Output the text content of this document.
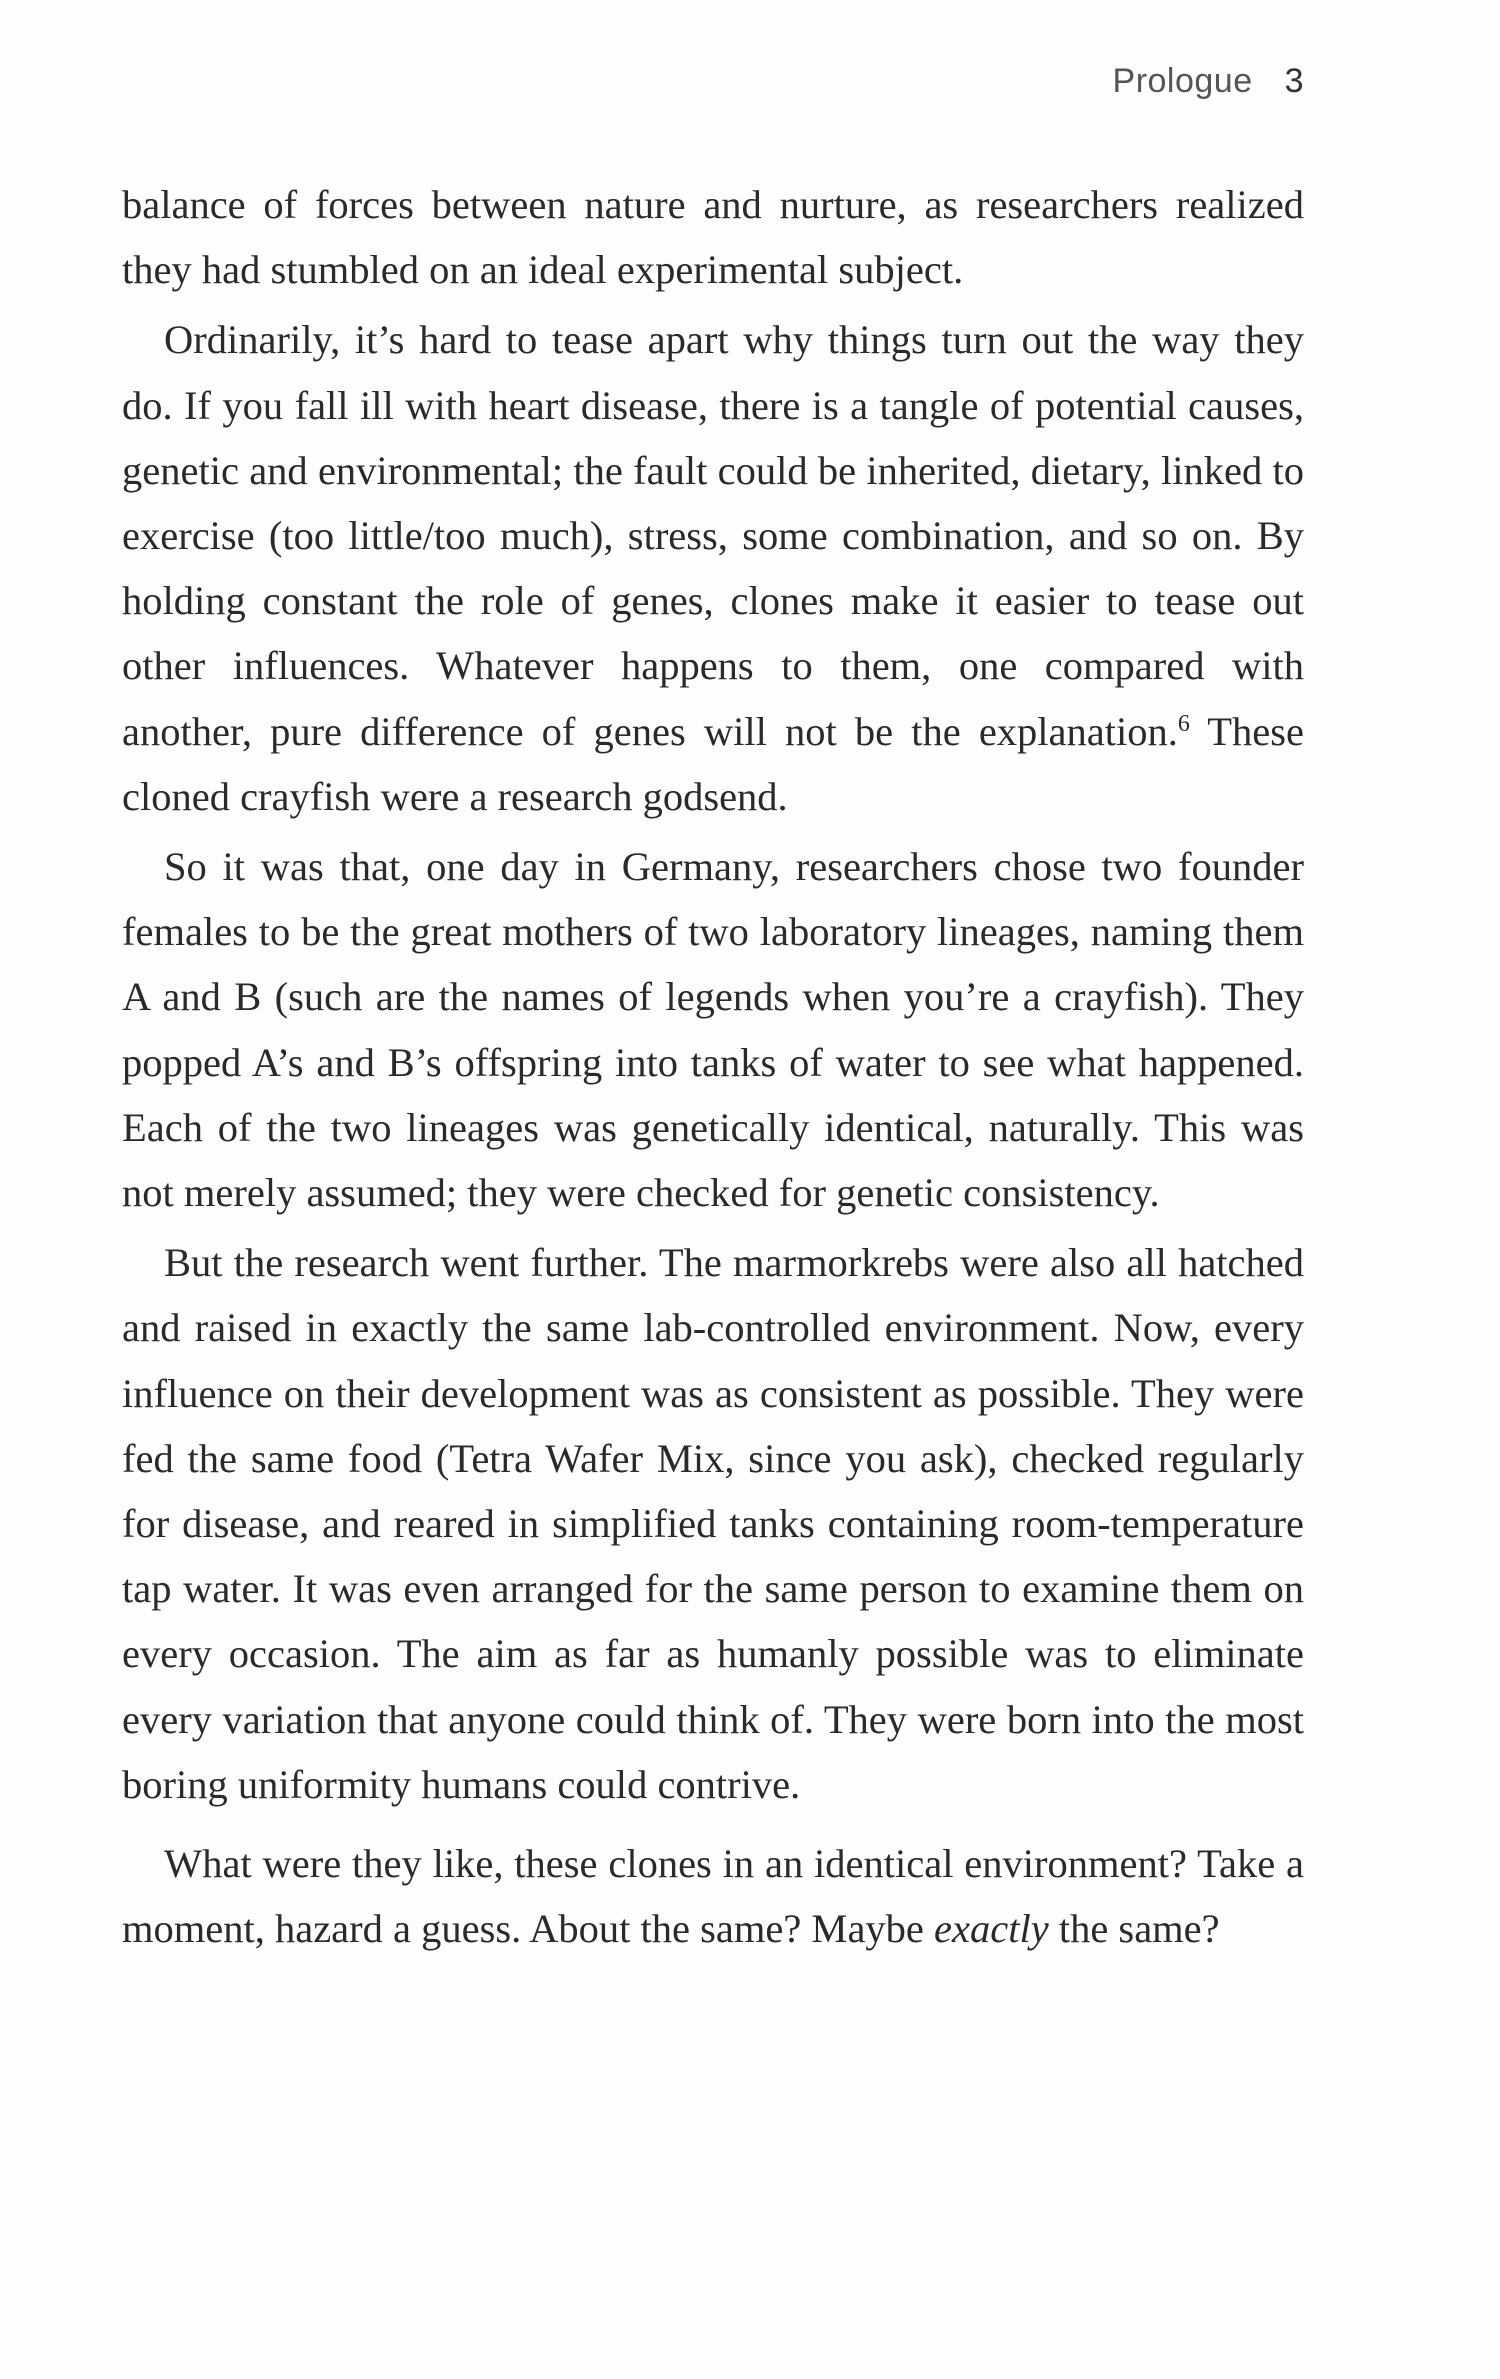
Prologue 3

balance of forces between nature and nurture, as researchers realized they had stumbled on an ideal experimental subject.

Ordinarily, it’s hard to tease apart why things turn out the way they do. If you fall ill with heart disease, there is a tangle of potential causes, genetic and environmental; the fault could be inherited, dietary, linked to exercise (too little/too much), stress, some combination, and so on. By holding constant the role of genes, clones make it easier to tease out other influences. Whatever happens to them, one compared with another, pure difference of genes will not be the explanation.$^6$ These cloned crayfish were a research godsend.

So it was that, one day in Germany, researchers chose two founder females to be the great mothers of two laboratory lineages, naming them A and B (such are the names of legends when you’re a crayfish). They popped A’s and B’s offspring into tanks of water to see what happened. Each of the two lineages was genetically identical, naturally. This was not merely assumed; they were checked for genetic consistency.

But the research went further. The marmorkrebs were also all hatched and raised in exactly the same lab-controlled environment. Now, every influence on their development was as consistent as possible. They were fed the same food (Tetra Wafer Mix, since you ask), checked regularly for disease, and reared in simplified tanks containing room-temperature tap water. It was even arranged for the same person to examine them on every occasion. The aim as far as humanly possible was to eliminate every variation that anyone could think of. They were born into the most boring uniformity humans could contrive.

What were they like, these clones in an identical environment? Take a moment, hazard a guess. About the same? Maybe exactly the same?
